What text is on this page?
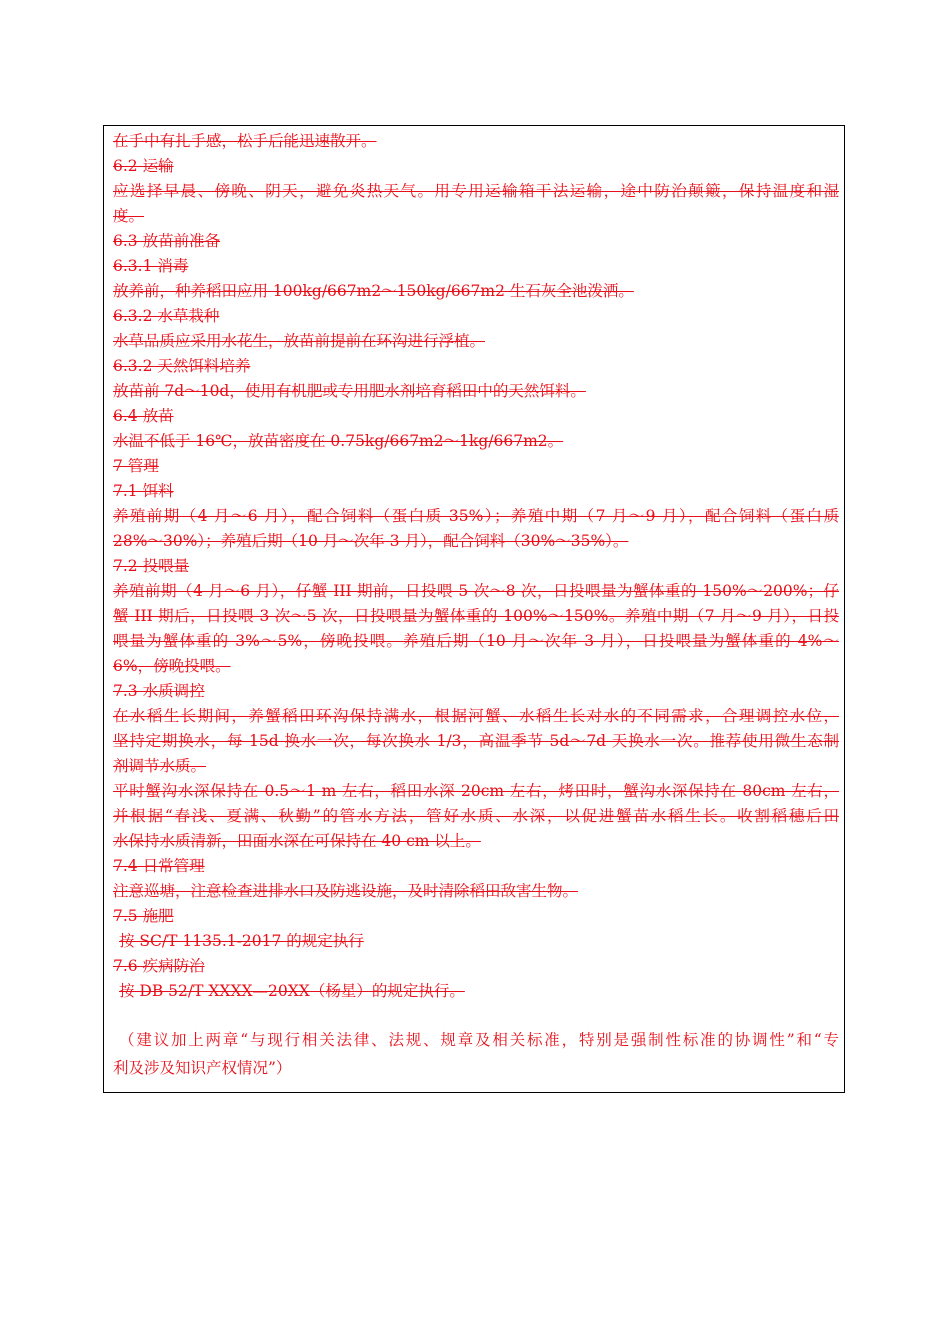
在手中有扎手感，松手后能迅速散开。
6.2 运输
应选择早晨、傍晚、阴天，避免炎热天气。用专用运输箱干法运输，途中防治颠簸，保持温度和湿
度。
6.3 放苗前准备
6.3.1 消毒
放养前，种养稻田应用 100kg/667m2～150kg/667m2 生石灰全池泼洒。
6.3.2 水草栽种
水草品质应采用水花生，放苗前提前在环沟进行浮植。
6.3.2 天然饵料培养
放苗前 7d～10d，使用有机肥或专用肥水剂培育稻田中的天然饵料。
6.4 放苗
水温不低于 16℃，放苗密度在 0.75kg/667m2～1kg/667m2。
7 管理
7.1 饵料
养殖前期（4 月～6 月），配合饲料（蛋白质 35%）；养殖中期（7 月～9 月），配合饲料（蛋白质
28%～30%）；养殖后期（10 月～次年 3 月），配合饲料（30%～35%）。
7.2 投喂量
养殖前期（4 月～6 月），仔蟹 III 期前，日投喂 5 次～8 次，日投喂量为蟹体重的 150%～200%；仔
蟹 III 期后，日投喂 3 次～5 次，日投喂量为蟹体重的 100%～150%。养殖中期（7 月～9 月），日投
喂量为蟹体重的 3%～5%，傍晚投喂。养殖后期（10 月～次年 3 月），日投喂量为蟹体重的 4%～
6%，傍晚投喂。
7.3 水质调控
在水稻生长期间，养蟹稻田环沟保持满水，根据河蟹、水稻生长对水的不同需求，合理调控水位，
坚持定期换水，每 15d 换水一次，每次换水 1/3，高温季节 5d～7d 天换水一次。推荐使用微生态制
剂调节水质。
平时蟹沟水深保持在 0.5～1 m 左右，稻田水深 20cm 左右，烤田时，蟹沟水深保持在 80cm 左右，
并根据“春浅、夏满、秋勤”的管水方法，管好水质、水深，以促进蟹苗水稻生长。收割稻穗后田
水保持水质清新，田面水深在可保持在 40 cm 以上。
7.4 日常管理
注意巡塘，注意检查进排水口及防逃设施，及时清除稻田敌害生物。
7.5 施肥
按 SC/T 1135.1-2017 的规定执行
7.6 疾病防治
按 DB 52/T XXXX—20XX（杨星）的规定执行。
（建议加上两章“与现行相关法律、法规、规章及相关标准，特别是强制性标准的协调性”和“专
利及涉及知识产权情况”）
